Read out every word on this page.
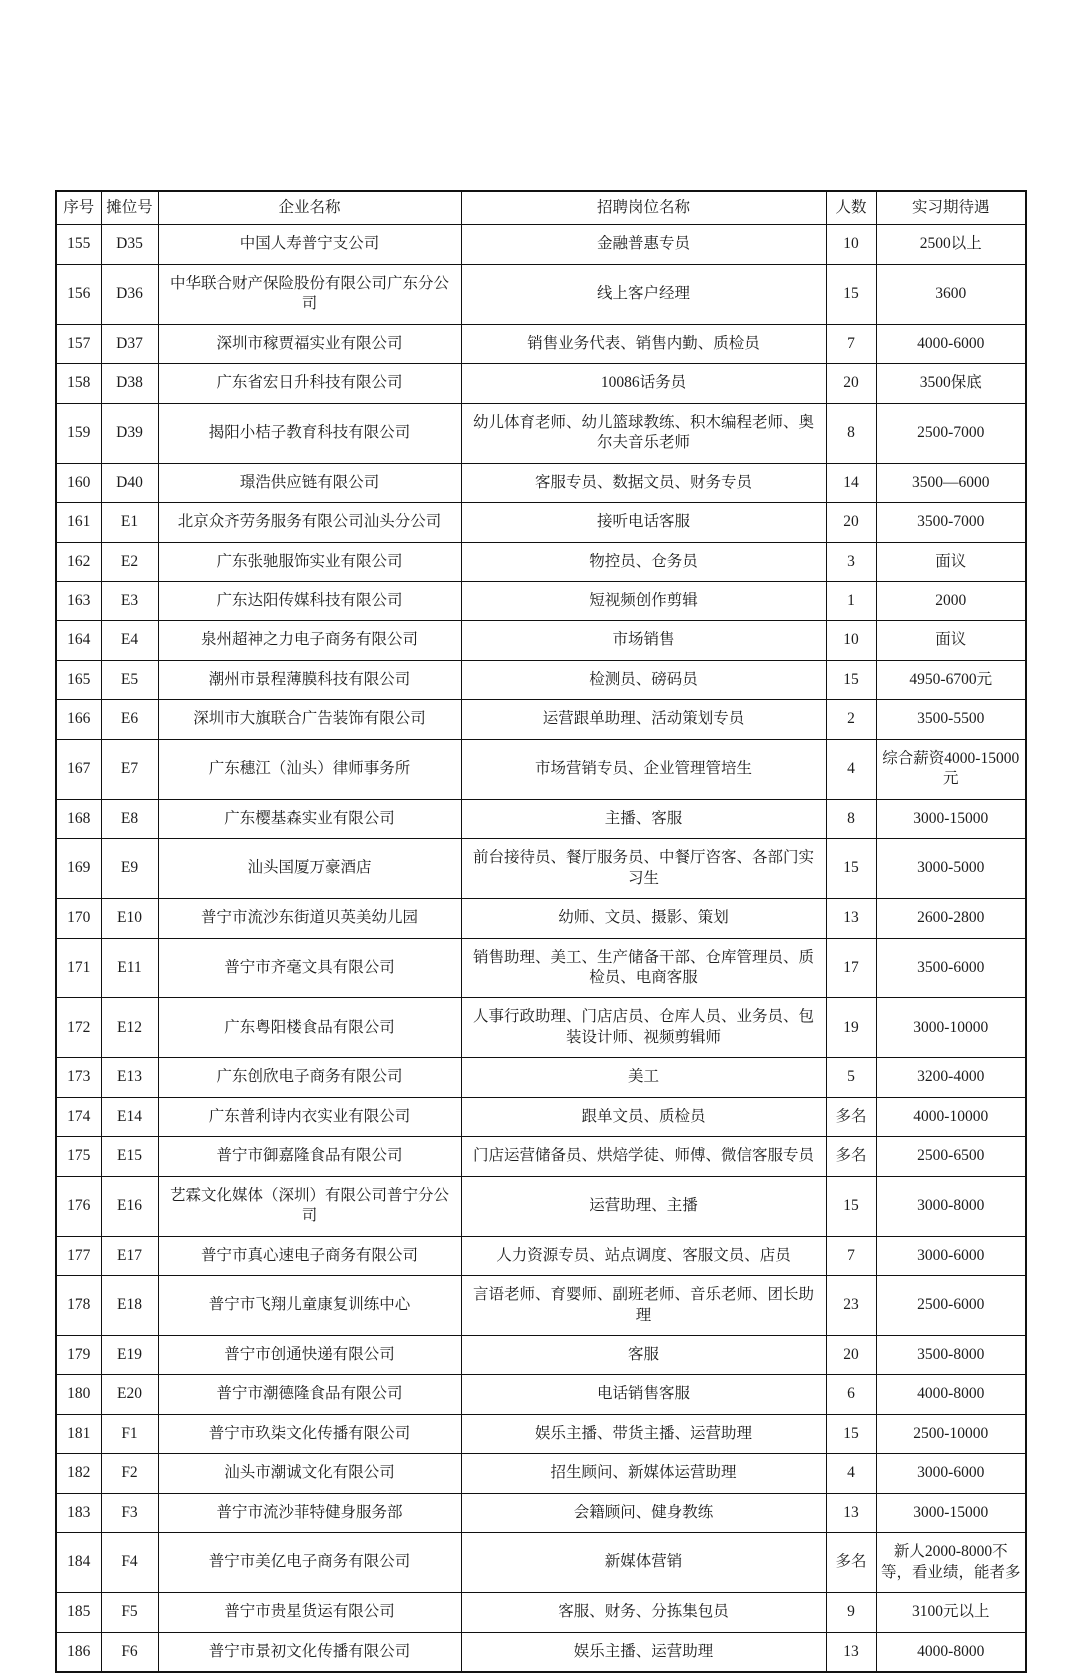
序号	摊位号	企业名称	招聘岗位名称	人数	实习期待遇
155	D35	中国人寿普宁支公司	金融普惠专员	10	2500以上
156	D36	中华联合财产保险股份有限公司广东分公司	线上客户经理	15	3600
157	D37	深圳市稼贾福实业有限公司	销售业务代表、销售内勤、质检员	7	4000-6000
158	D38	广东省宏日升科技有限公司	10086话务员	20	3500保底
159	D39	揭阳小桔子教育科技有限公司	幼儿体育老师、幼儿篮球教练、积木编程老师、奥尔夫音乐老师	8	2500-7000
160	D40	璟浩供应链有限公司	客服专员、数据文员、财务专员	14	3500—6000
161	E1	北京众齐劳务服务有限公司汕头分公司	接听电话客服	20	3500-7000
162	E2	广东张驰服饰实业有限公司	物控员、仓务员	3	面议
163	E3	广东达阳传媒科技有限公司	短视频创作剪辑	1	2000
164	E4	泉州超神之力电子商务有限公司	市场销售	10	面议
165	E5	潮州市景程薄膜科技有限公司	检测员、磅码员	15	4950-6700元
166	E6	深圳市大旗联合广告装饰有限公司	运营跟单助理、活动策划专员	2	3500-5500
167	E7	广东穗江（汕头）律师事务所	市场营销专员、企业管理管培生	4	综合薪资4000-15000元
168	E8	广东樱基森实业有限公司	主播、客服	8	3000-15000
169	E9	汕头国厦万豪酒店	前台接待员、餐厅服务员、中餐厅咨客、各部门实习生	15	3000-5000
170	E10	普宁市流沙东街道贝英美幼儿园	幼师、文员、摄影、策划	13	2600-2800
171	E11	普宁市齐毫文具有限公司	销售助理、美工、生产储备干部、仓库管理员、质检员、电商客服	17	3500-6000
172	E12	广东粤阳楼食品有限公司	人事行政助理、门店店员、仓库人员、业务员、包装设计师、视频剪辑师	19	3000-10000
173	E13	广东创欣电子商务有限公司	美工	5	3200-4000
174	E14	广东普利诗内衣实业有限公司	跟单文员、质检员	多名	4000-10000
175	E15	普宁市御嘉隆食品有限公司	门店运营储备员、烘焙学徒、师傅、微信客服专员	多名	2500-6500
176	E16	艺霖文化媒体（深圳）有限公司普宁分公司	运营助理、主播	15	3000-8000
177	E17	普宁市真心速电子商务有限公司	人力资源专员、站点调度、客服文员、店员	7	3000-6000
178	E18	普宁市飞翔儿童康复训练中心	言语老师、育婴师、副班老师、音乐老师、团长助理	23	2500-6000
179	E19	普宁市创通快递有限公司	客服	20	3500-8000
180	E20	普宁市潮德隆食品有限公司	电话销售客服	6	4000-8000
181	F1	普宁市玖柒文化传播有限公司	娱乐主播、带货主播、运营助理	15	2500-10000
182	F2	汕头市潮诚文化有限公司	招生顾问、新媒体运营助理	4	3000-6000
183	F3	普宁市流沙菲特健身服务部	会籍顾问、健身教练	13	3000-15000
184	F4	普宁市美亿电子商务有限公司	新媒体营销	多名	新人2000-8000不等，看业绩，能者多
185	F5	普宁市贵星货运有限公司	客服、财务、分拣集包员	9	3100元以上
186	F6	普宁市景初文化传播有限公司	娱乐主播、运营助理	13	4000-8000
